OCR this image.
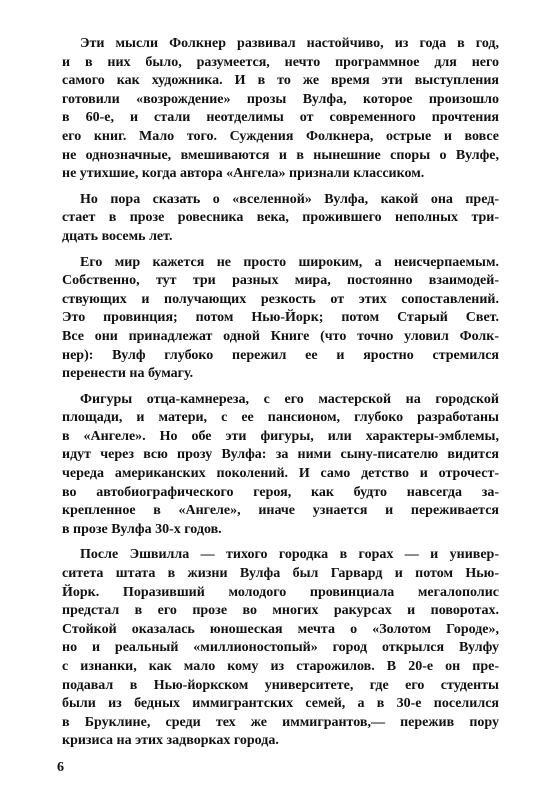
Эти мысли Фолкнер развивал настойчиво, из года в год,
и в них было, разумеется, нечто программное для него
самого как художника. И в то же время эти выступления
готовили «возрождение» прозы Вулфа, которое произошло
в 60-е, и стали неотделимы от современного прочтения
его книг. Мало того. Суждения Фолкнера, острые и вовсе
не однозначные, вмешиваются и в нынешние споры о Вулфе,
не утихшие, когда автора «Ангела» признали классиком.

Но пора сказать о «вселенной» Вулфа, какой она пред-
стает в прозе ровесника века, прожившего неполных три-
дцать восемь лет.

Его мир кажется не просто широким, а неисчерпаемым.
Собственно, тут три разных мира, постоянно взаимодей-
ствующих и получающих резкость от этих сопоставлений.
Это провинция; потом Нью-Йорк; потом Старый Свет.
Все они принадлежат одной Книге (что точно уловил Фолк-
нер): Вулф глубоко пережил ее и яростно стремился
перенести на бумагу.

Фигуры отца-камнереза, с его мастерской на городской
площади, и матери, с ее пансионом, глубоко разработаны
в «Ангеле». Но обе эти фигуры, или характеры-эмблемы,
идут через всю прозу Вулфа: за ними сыну-писателю видится
череда американских поколений. И само детство и отрочест-
во автобиографического героя, как будто навсегда за-
крепленное в «Ангеле», иначе узнается и переживается
в прозе Вулфа 30-х годов.

После Эшвилла — тихого городка в горах — и универ-
ситета штата в жизни Вулфа был Гарвард и потом Нью-
Йорк. Поразивший молодого провинциала мегалополис
предстал в его прозе во многих ракурсах и поворотах.
Стойкой оказалась юношеская мечта о «Золотом Городе»,
но и реальный «миллионостопый» город открылся Вулфу
с изнанки, как мало кому из старожилов. В 20-е он пре-
подавал в Нью-йоркском университете, где его студенты
были из бедных иммигрантских семей, а в 30-е поселился
в Бруклине, среди тех же иммигрантов,— пережив пору
кризиса на этих задворках города.

6
